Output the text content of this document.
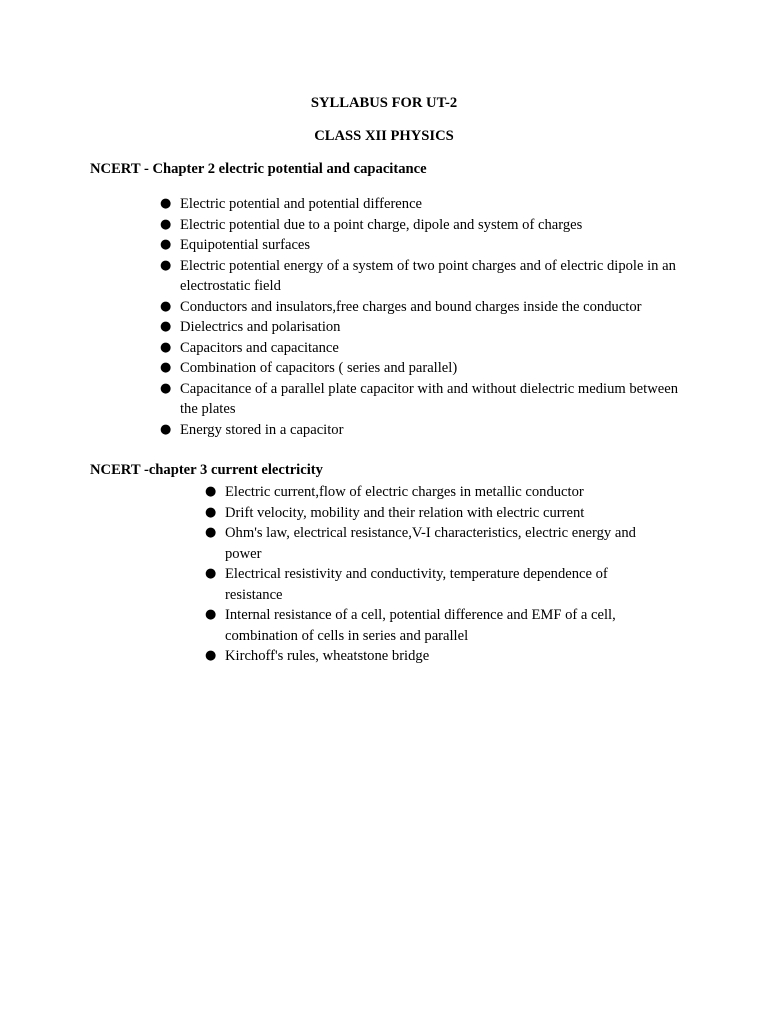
SYLLABUS FOR UT-2
CLASS XII PHYSICS
NCERT - Chapter 2 electric potential and capacitance
● Electric potential and potential difference
● Electric potential due to a point charge, dipole and system of charges
● Equipotential surfaces
● Electric potential energy of a system of two point charges and of electric dipole in an electrostatic field
● Conductors and insulators,free charges and bound charges inside the conductor
● Dielectrics and polarisation
● Capacitors and capacitance
● Combination of capacitors ( series and parallel)
● Capacitance of a parallel plate capacitor with and without dielectric medium between the plates
● Energy stored in a capacitor
NCERT -chapter 3 current electricity
● Electric current,flow of electric charges in metallic conductor
● Drift velocity, mobility and their relation with electric current
● Ohm's law, electrical resistance,V-I characteristics, electric energy and power
● Electrical resistivity and conductivity, temperature dependence of resistance
● Internal resistance of a cell, potential difference and EMF of a cell, combination of cells in series and parallel
● Kirchoff's rules, wheatstone bridge
